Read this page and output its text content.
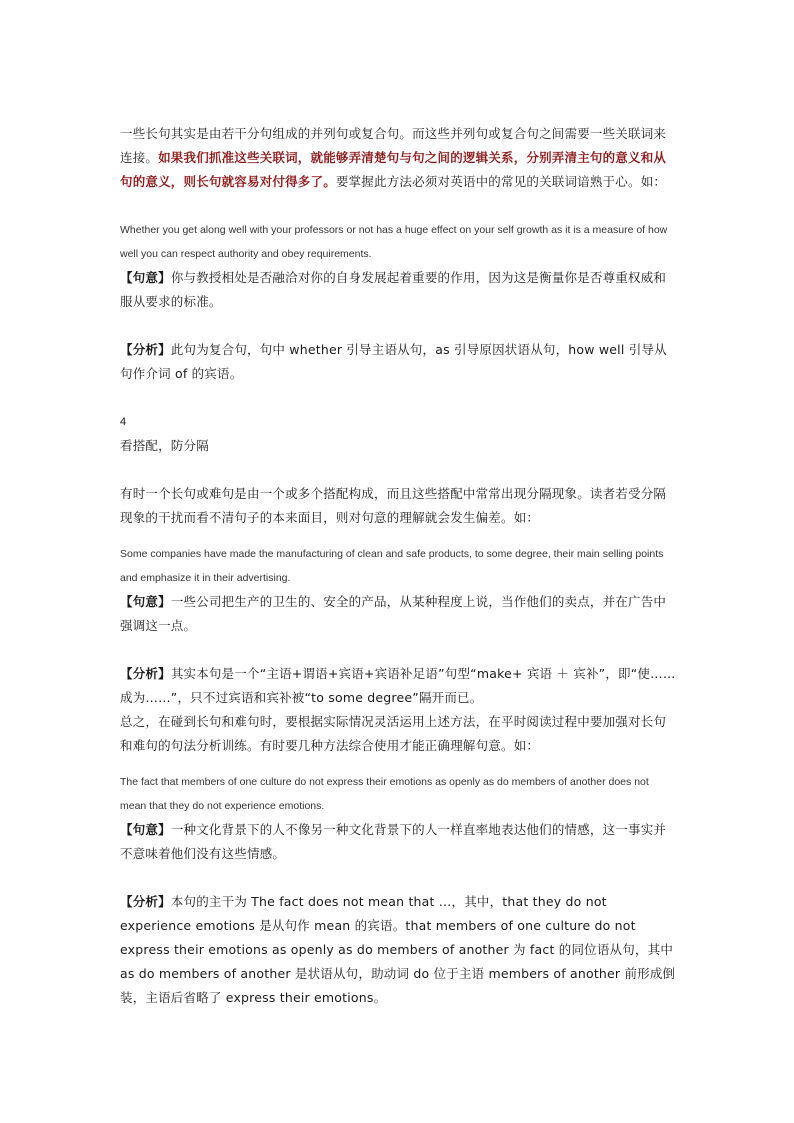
一些长句其实是由若干分句组成的并列句或复合句。而这些并列句或复合句之间需要一些关联词来连接。如果我们抓准这些关联词，就能够弄清楚句与句之间的逻辑关系，分别弄清主句的意义和从句的意义，则长句就容易对付得多了。要掌握此方法必须对英语中的常见的关联词谙熟于心。如：

Whether you get along well with your professors or not has a huge effect on your self growth as it is a measure of how well you can respect authority and obey requirements.

【句意】你与教授相处是否融洽对你的自身发展起着重要的作用，因为这是衡量你是否尊重权威和服从要求的标准。

【分析】此句为复合句，句中 whether 引导主语从句，as 引导原因状语从句，how well 引导从句作介词 of 的宾语。

4

看搭配，防分隔

有时一个长句或难句是由一个或多个搭配构成，而且这些搭配中常常出现分隔现象。读者若受分隔现象的干扰而看不清句子的本来面目，则对句意的理解就会发生偏差。如：

Some companies have made the manufacturing of clean and safe products, to some degree, their main selling points and emphasize it in their advertising.

【句意】一些公司把生产的卫生的、安全的产品，从某种程度上说，当作他们的卖点，并在广告中强调这一点。

【分析】其实本句是一个“主语+谓语+宾语+宾语补足语”句型“make+ 宾语 ＋ 宾补”，即“使……成为……”，只不过宾语和宾补被“to some degree”隔开而已。

总之，在碰到长句和难句时，要根据实际情况灵活运用上述方法，在平时阅读过程中要加强对长句和难句的句法分析训练。有时要几种方法综合使用才能正确理解句意。如：

The fact that members of one culture do not express their emotions as openly as do members of another does not mean that they do not experience emotions.

【句意】一种文化背景下的人不像另一种文化背景下的人一样直率地表达他们的情感，这一事实并不意味着他们没有这些情感。

【分析】本句的主干为 The fact does not mean that …，其中，that they do not experience emotions 是从句作 mean 的宾语。that members of one culture do not express their emotions as openly as do members of another 为 fact 的同位语从句，其中 as do members of another 是状语从句，助动词 do 位于主语 members of another 前形成倒装，主语后省略了 express their emotions。
